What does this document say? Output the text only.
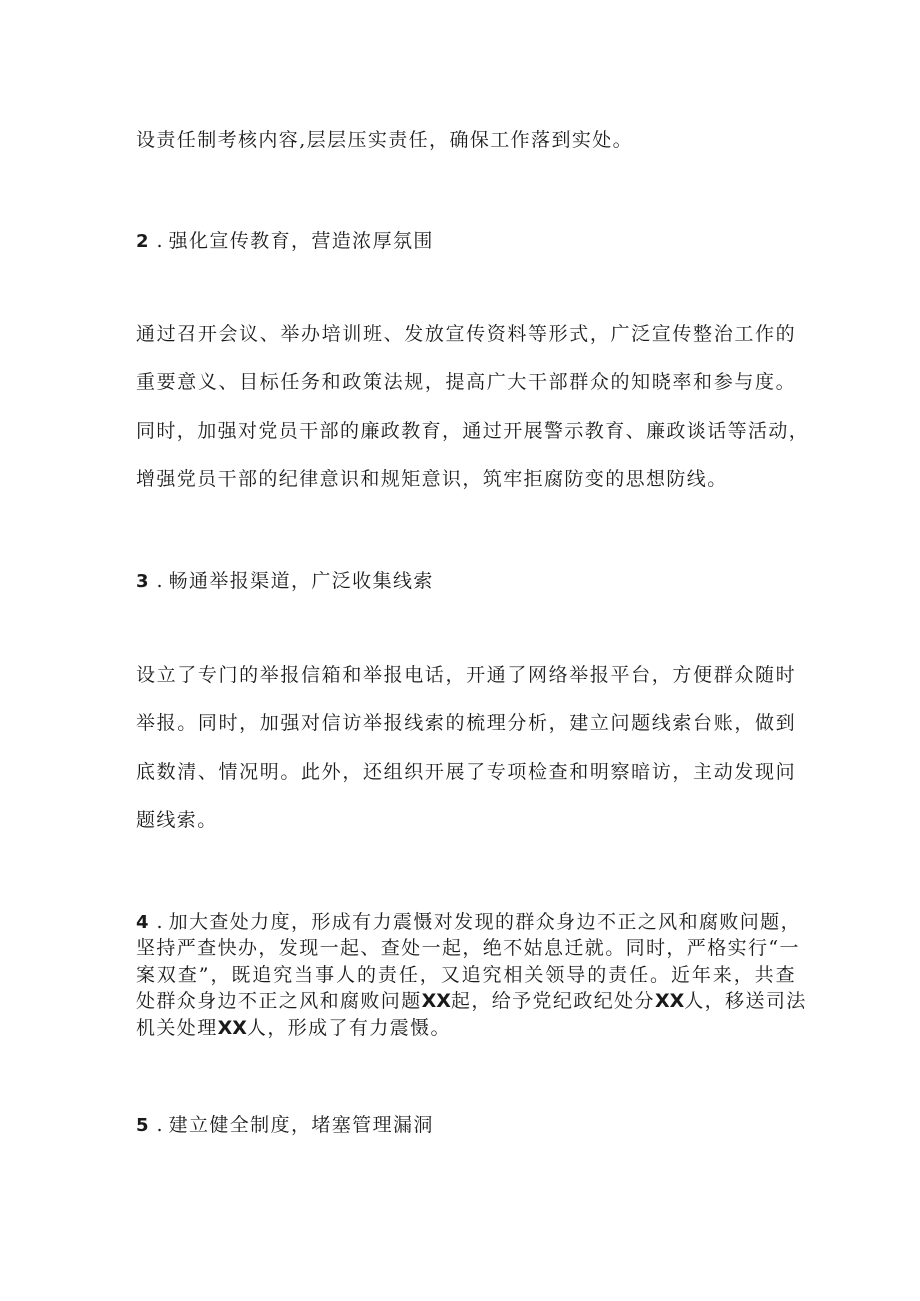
设责任制考核内容,层层压实责任，确保工作落到实处。
2 . 强化宣传教育，营造浓厚氛围
通过召开会议、举办培训班、发放宣传资料等形式，广泛宣传整治工作的
重要意义、目标任务和政策法规，提高广大干部群众的知晓率和参与度。
同时，加强对党员干部的廉政教育，通过开展警示教育、廉政谈话等活动，
增强党员干部的纪律意识和规矩意识，筑牢拒腐防变的思想防线。
3 . 畅通举报渠道，广泛收集线索
设立了专门的举报信箱和举报电话，开通了网络举报平台，方便群众随时
举报。同时，加强对信访举报线索的梳理分析，建立问题线索台账，做到
底数清、情况明。此外，还组织开展了专项检查和明察暗访，主动发现问
题线索。
4 . 加大查处力度，形成有力震慑对发现的群众身边不正之风和腐败问题，
坚持严查快办，发现一起、查处一起，绝不姑息迁就。同时，严格实行“一
案双查”，既追究当事人的责任，又追究相关领导的责任。近年来，共查
处群众身边不正之风和腐败问题XX起，给予党纪政纪处分XX人，移送司法
机关处理XX人，形成了有力震慑。
5 . 建立健全制度，堵塞管理漏洞
